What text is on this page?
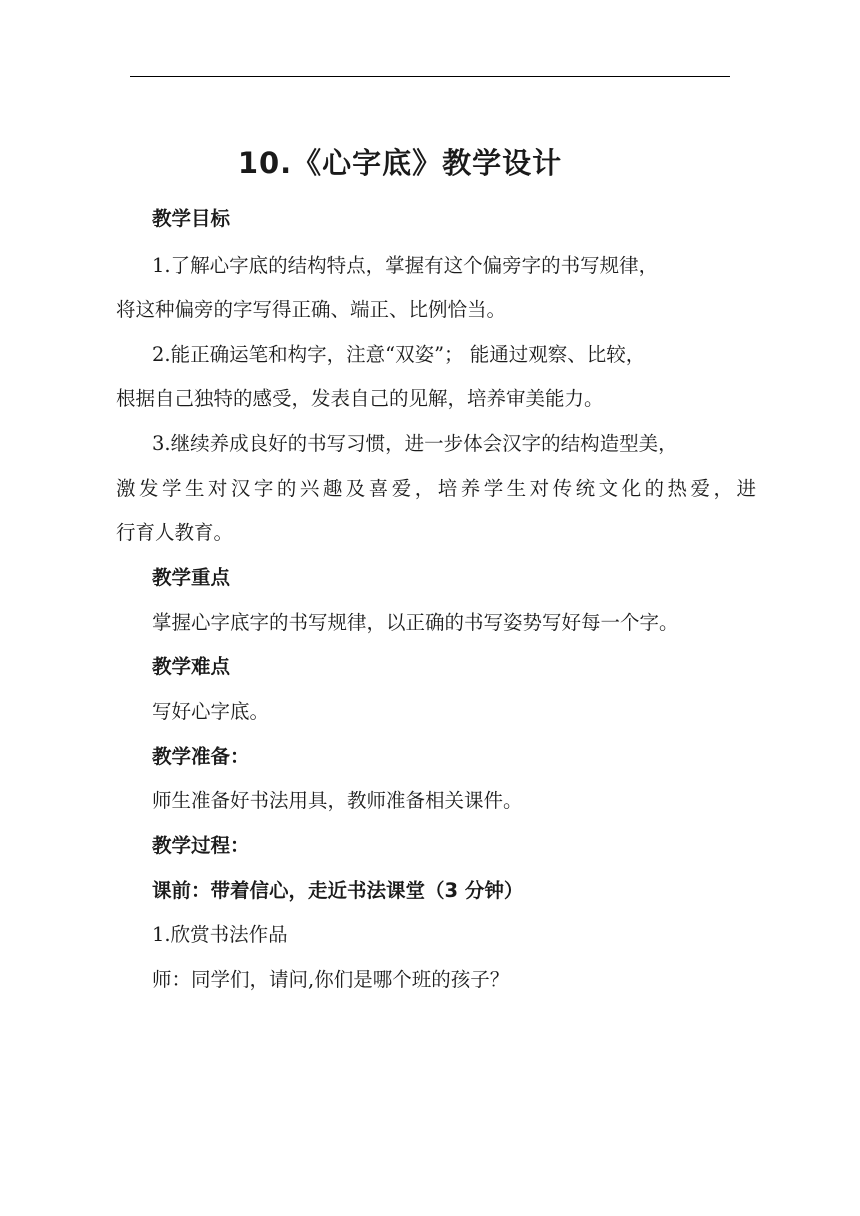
10.《心字底》教学设计

教学目标

1.了解心字底的结构特点，掌握有这个偏旁字的书写规律，

将这种偏旁的字写得正确、端正、比例恰当。

2.能正确运笔和构字，注意“双姿”； 能通过观察、比较，

根据自己独特的感受，发表自己的见解，培养审美能力。

3.继续养成良好的书写习惯，进一步体会汉字的结构造型美，

激发学生对汉字的兴趣及喜爱，培养学生对传统文化的热爱，进

行育人教育。

教学重点

掌握心字底字的书写规律，以正确的书写姿势写好每一个字。

教学难点

写好心字底。

教学准备：

师生准备好书法用具，教师准备相关课件。

教学过程：

课前：带着信心，走近书法课堂（3 分钟）

1.欣赏书法作品

师：同学们，请问,你们是哪个班的孩子？
